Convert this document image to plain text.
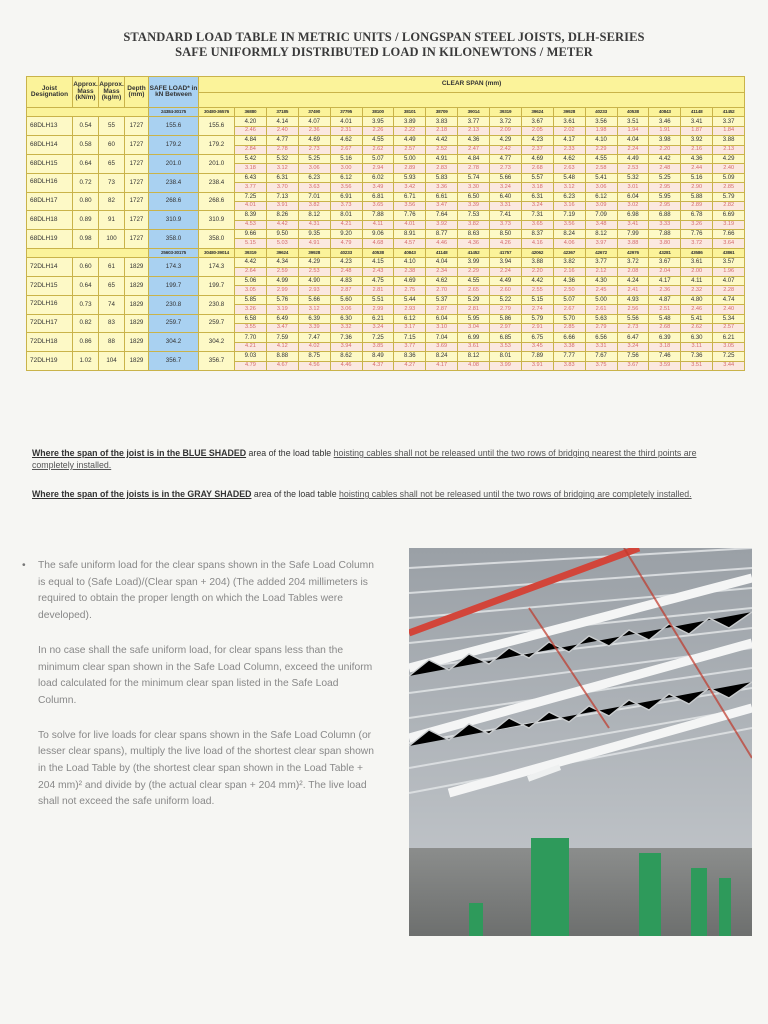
STANDARD LOAD TABLE IN METRIC UNITS / LONGSPAN STEEL JOISTS, DLH-SERIES
SAFE UNIFORMLY DISTRIBUTED LOAD IN KILONEWTONS / METER
Joist Designation	Approx. Mass (kN/m)	Approx. Mass (kg/m)	Depth (mm)	SAFE LOAD* in kN Between	CLEAR SPAN (mm)																

				24384-30175	30480-36576	36880	37185	37490	37795	38100	38101	38709	39014	39319	39624	39928	40233	40538	40843	41148	41452
68DLH13	0.54	55	1727	155.6	155.6	4.20	4.14	4.07	4.01	3.95	3.89	3.83	3.77	3.72	3.67	3.61	3.56	3.51	3.46	3.41	3.37
						2.46	2.40	2.36	2.31	2.26	2.22	2.18	2.13	2.09	2.05	2.02	1.98	1.94	1.91	1.87	1.84
68DLH14	0.58	60	1727	179.2	179.2	4.84	4.77	4.69	4.62	4.55	4.49	4.42	4.36	4.29	4.23	4.17	4.10	4.04	3.98	3.92	3.88
						2.84	2.78	2.73	2.67	2.62	2.57	2.52	2.47	2.42	2.37	2.33	2.29	2.24	2.20	2.16	2.13
68DLH15	0.64	65	1727	201.0	201.0	5.42	5.32	5.25	5.16	5.07	5.00	4.91	4.84	4.77	4.69	4.62	4.55	4.49	4.42	4.36	4.29
						3.18	3.12	3.06	3.00	2.94	2.89	2.83	2.78	2.73	2.68	2.63	2.58	2.53	2.48	2.44	2.40
68DLH16	0.72	73	1727	238.4	238.4	6.43	6.31	6.23	6.12	6.02	5.93	5.83	5.74	5.66	5.57	5.48	5.41	5.32	5.25	5.16	5.09
						3.77	3.70	3.63	3.56	3.49	3.42	3.36	3.30	3.24	3.18	3.12	3.06	3.01	2.95	2.90	2.85
68DLH17	0.80	82	1727	268.6	268.6	7.25	7.13	7.01	6.91	6.81	6.71	6.61	6.50	6.40	6.31	6.23	6.12	6.04	5.95	5.88	5.79
						4.01	3.91	3.82	3.73	3.65	3.56	3.47	3.39	3.31	3.24	3.16	3.09	3.02	2.95	2.89	2.82
68DLH18	0.89	91	1727	310.9	310.9	8.39	8.26	8.12	8.01	7.88	7.76	7.64	7.53	7.41	7.31	7.19	7.09	6.98	6.88	6.78	6.69
						4.53	4.42	4.31	4.21	4.11	4.01	3.92	3.82	3.73	3.65	3.56	3.48	3.41	3.33	3.26	3.19
68DLH19	0.98	100	1727	358.0	358.0	9.66	9.50	9.35	9.20	9.06	8.91	8.77	8.63	8.50	8.37	8.24	8.12	7.99	7.88	7.76	7.66
						5.15	5.03	4.91	4.79	4.68	4.57	4.46	4.36	4.26	4.16	4.06	3.97	3.88	3.80	3.72	3.64
				25603-30175	30480-39014	39319	39624	39928	40233	40538	40843	41148	41452	41757	42062	42367	42672	42976	43281	43586	43861
72DLH14	0.60	61	1829	174.3	174.3	4.42	4.34	4.29	4.23	4.15	4.10	4.04	3.99	3.94	3.88	3.82	3.77	3.72	3.67	3.61	3.57
						2.64	2.59	2.53	2.48	2.43	2.38	2.34	2.29	2.24	2.20	2.16	2.12	2.08	2.04	2.00	1.96
72DLH15	0.64	65	1829	199.7	199.7	5.06	4.99	4.90	4.83	4.75	4.69	4.62	4.55	4.49	4.42	4.36	4.30	4.24	4.17	4.11	4.07
						3.05	2.99	2.93	2.87	2.81	2.75	2.70	2.65	2.60	2.55	2.50	2.45	2.41	2.36	2.32	2.28
72DLH16	0.73	74	1829	230.8	230.8	5.85	5.76	5.66	5.60	5.51	5.44	5.37	5.29	5.22	5.15	5.07	5.00	4.93	4.87	4.80	4.74
						3.26	3.19	3.12	3.06	2.99	2.93	2.87	2.81	2.79	2.74	2.67	2.61	2.56	2.51	2.46	2.40
72DLH17	0.82	83	1829	259.7	259.7	6.58	6.49	6.39	6.30	6.21	6.12	6.04	5.95	5.86	5.79	5.70	5.63	5.56	5.48	5.41	5.34
						3.55	3.47	3.39	3.32	3.24	3.17	3.10	3.04	2.97	2.91	2.85	2.79	2.73	2.68	2.62	2.57
72DLH18	0.86	88	1829	304.2	304.2	7.70	7.59	7.47	7.36	7.25	7.15	7.04	6.99	6.85	6.75	6.66	6.56	6.47	6.39	6.30	6.21
						4.21	4.12	4.02	3.94	3.85	3.77	3.69	3.61	3.53	3.45	3.38	3.31	3.24	3.18	3.11	3.05
72DLH19	1.02	104	1829	356.7	356.7	9.03	8.88	8.75	8.62	8.49	8.36	8.24	8.12	8.01	7.89	7.77	7.67	7.56	7.46	7.36	7.25
						4.79	4.67	4.56	4.46	4.37	4.27	4.17	4.08	3.99	3.91	3.83	3.75	3.67	3.59	3.51	3.44
Where the span of the joist is in the BLUE SHADED area of the load table hoisting cables shall not be released until the two rows of bridging nearest the third points are completely installed.
Where the span of the joists is in the GRAY SHADED area of the load table hoisting cables shall not be released until the two rows of bridging are completely installed.
•	The safe uniform load for the clear spans shown in the Safe Load Column is equal to (Safe Load)/(Clear span + 204) (The added 204 millimeters is required to obtain the proper length on which the Load Tables were developed).

In no case shall the safe uniform load, for clear spans less than the minimum clear span shown in the Safe Load Column, exceed the uniform load calculated for the minimum clear span listed in the Safe Load Column.

To solve for live loads for clear spans shown in the Safe Load Column (or lesser clear spans), multiply the live load of the shortest clear span shown in the Load Table by (the shortest clear span shown in the Load Table + 204 mm)² and divide by (the actual clear span + 204 mm)². The live load shall not exceed the safe uniform load.
